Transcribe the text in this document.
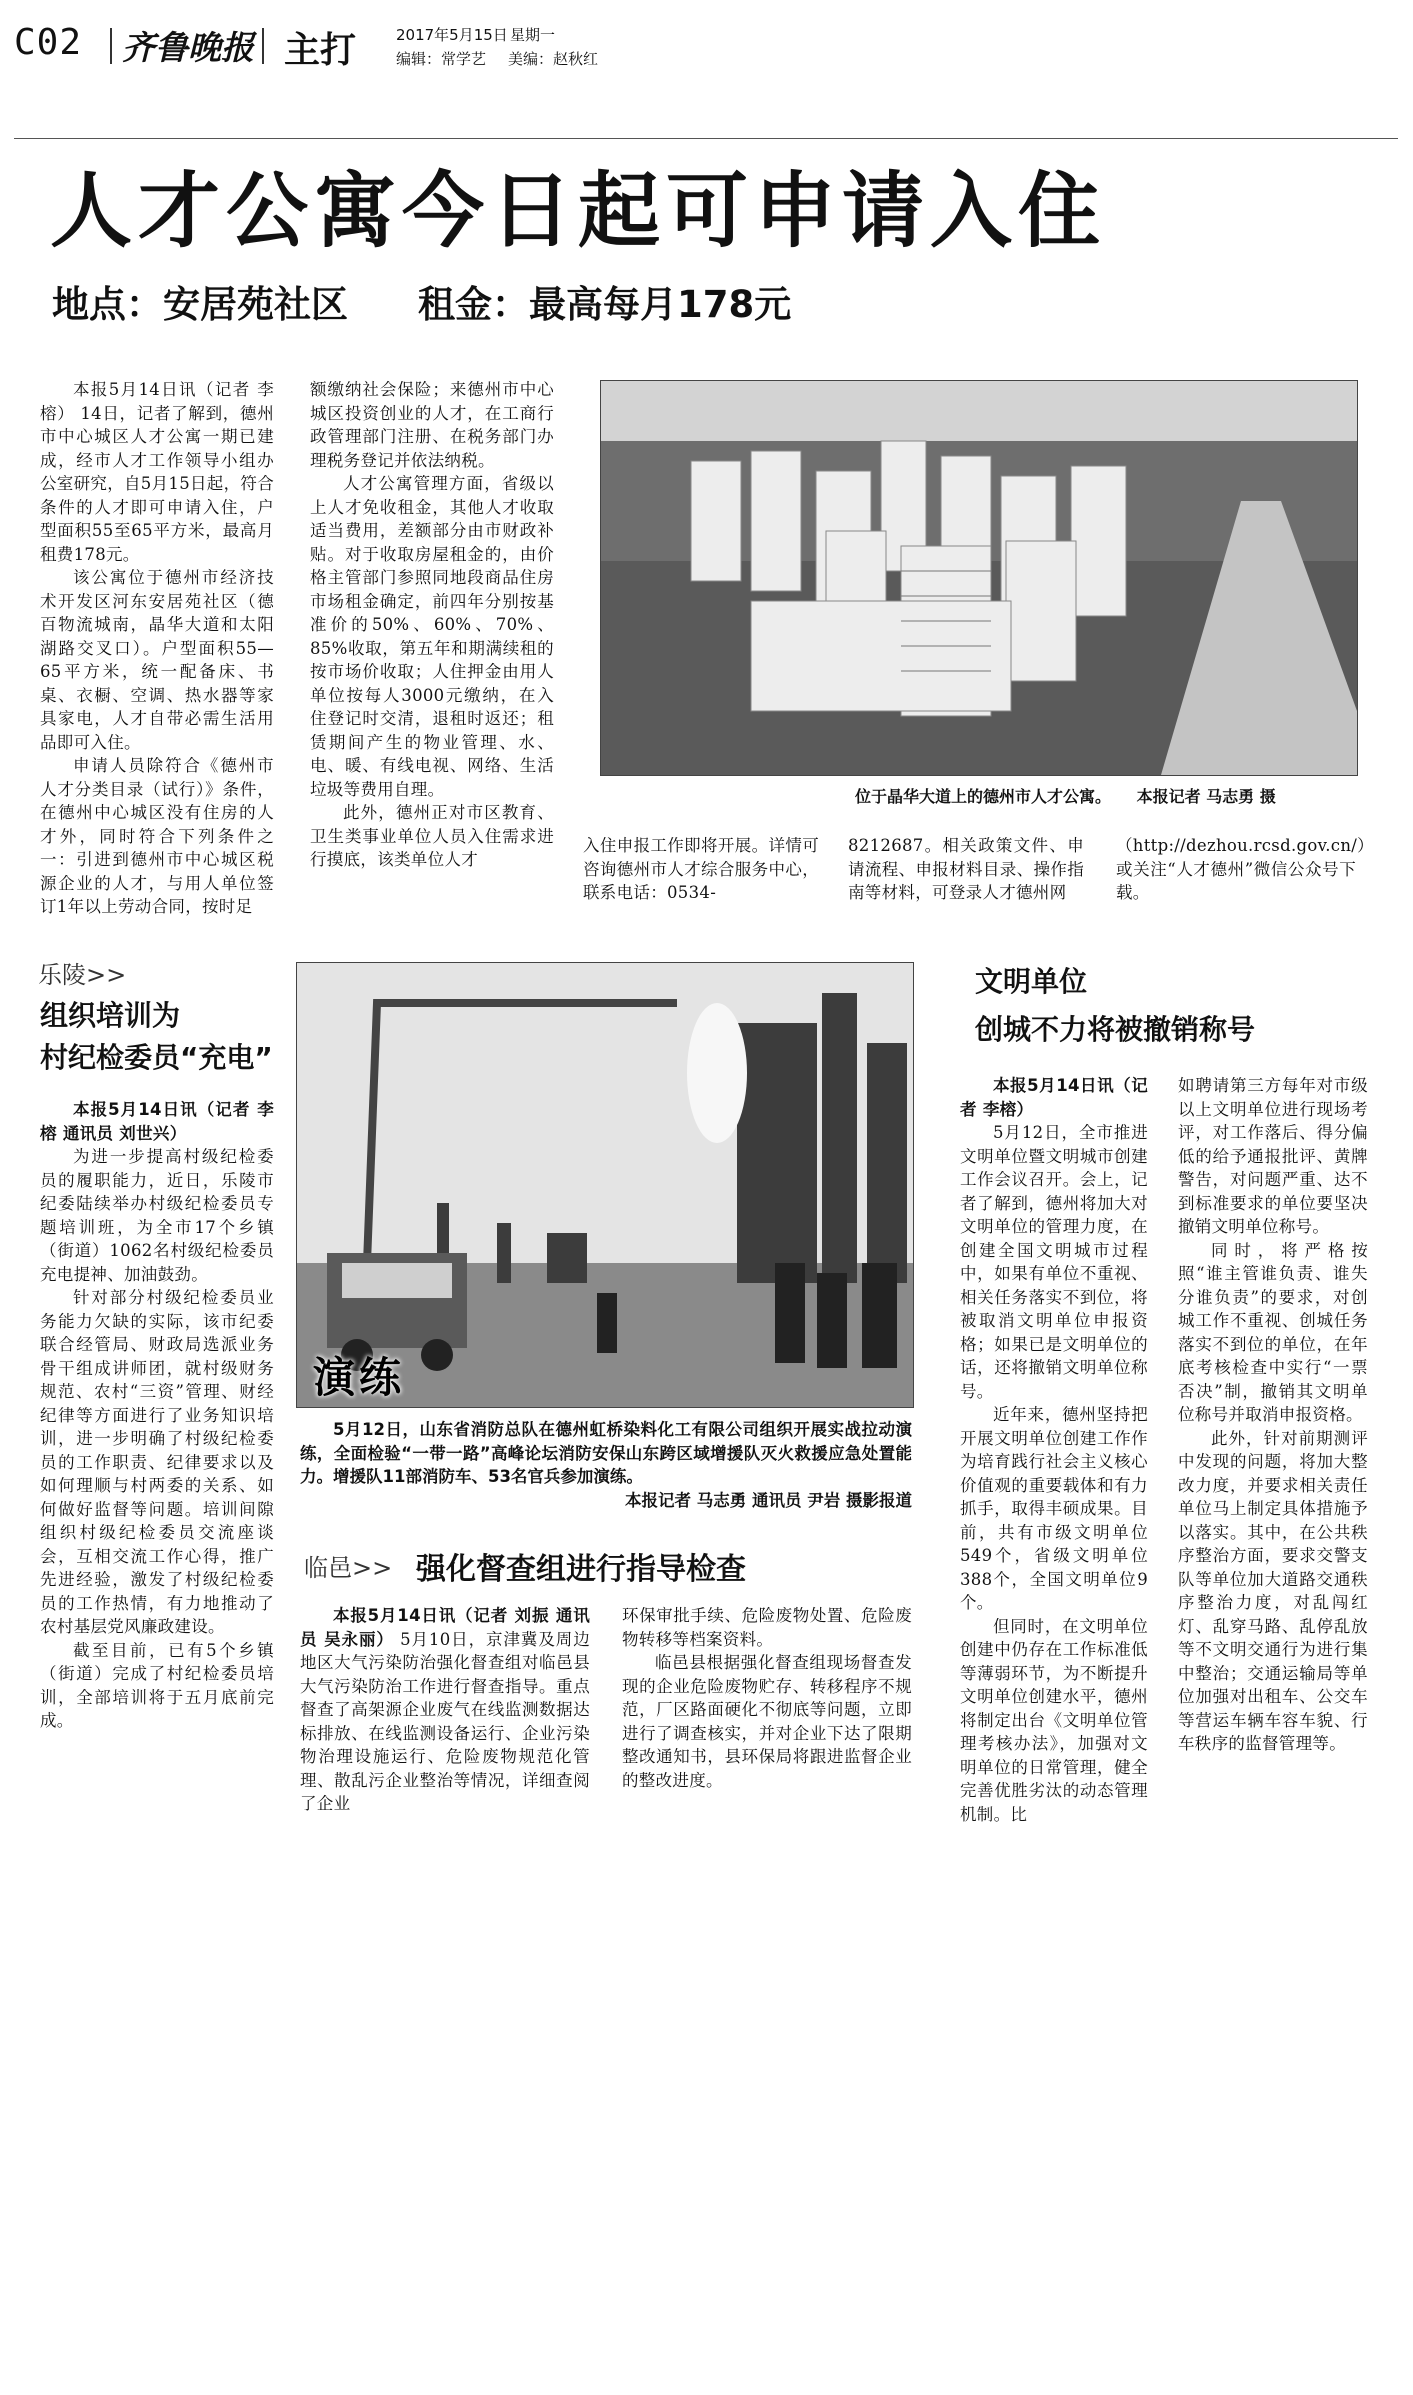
C02 齐鲁晚报 主打	2017年5月15日 星期一
编辑：常学艺 美编：赵秋红
人才公寓今日起可申请入住
地点：安居苑社区 租金：最高每月178元

本报5月14日讯（记者 李榕） 14日，记者了解到，德州市中心城区人才公寓一期已建成，经市人才工作领导小组办公室研究，自5月15日起，符合条件的人才即可申请入住，户型面积55至65平方米，最高月租费178元。

该公寓位于德州市经济技术开发区河东安居苑社区（德百物流城南，晶华大道和太阳湖路交叉口）。户型面积55—65平方米，统一配备床、书桌、衣橱、空调、热水器等家具家电，人才自带必需生活用品即可入住。

申请人员除符合《德州市人才分类目录（试行）》条件，在德州中心城区没有住房的人才外，同时符合下列条件之一：引进到德州市中心城区税源企业的人才，与用人单位签订1年以上劳动合同，按时足

额缴纳社会保险；来德州市中心城区投资创业的人才，在工商行政管理部门注册、在税务部门办理税务登记并依法纳税。

人才公寓管理方面，省级以上人才免收租金，其他人才收取适当费用，差额部分由市财政补贴。对于收取房屋租金的，由价格主管部门参照同地段商品住房市场租金确定，前四年分别按基准价的50%、60%、70%、85%收取，第五年和期满续租的按市场价收取；人住押金由用人单位按每人3000元缴纳，在入住登记时交清，退租时返还；租赁期间产生的物业管理、水、电、暖、有线电视、网络、生活垃圾等费用自理。

此外，德州正对市区教育、卫生类事业单位人员入住需求进行摸底，该类单位人才

位于晶华大道上的德州市人才公寓。 本报记者 马志勇 摄

入住申报工作即将开展。详情可咨询德州市人才综合服务中心，联系电话：0534-

8212687。相关政策文件、申请流程、申报材料目录、操作指南等材料，可登录人才德州网

（http://dezhou.rcsd.gov.cn/）或关注“人才德州”微信公众号下载。

乐陵>>
组织培训为
村纪检委员“充电”

本报5月14日讯（记者 李榕 通讯员 刘世兴）

为进一步提高村级纪检委员的履职能力，近日，乐陵市纪委陆续举办村级纪检委员专题培训班，为全市17个乡镇（街道）1062名村级纪检委员充电提神、加油鼓劲。

针对部分村级纪检委员业务能力欠缺的实际，该市纪委联合经管局、财政局选派业务骨干组成讲师团，就村级财务规范、农村“三资”管理、财经纪律等方面进行了业务知识培训，进一步明确了村级纪检委员的工作职责、纪律要求以及如何理顺与村两委的关系、如何做好监督等问题。培训间隙组织村级纪检委员交流座谈会，互相交流工作心得，推广先进经验，激发了村级纪检委员的工作热情，有力地推动了农村基层党风廉政建设。

截至目前，已有5个乡镇（街道）完成了村纪检委员培训，全部培训将于五月底前完成。

演练
5月12日，山东省消防总队在德州虹桥染料化工有限公司组织开展实战拉动演练，全面检验“一带一路”高峰论坛消防安保山东跨区域增援队灭火救援应急处置能力。增援队11部消防车、53名官兵参加演练。
本报记者 马志勇 通讯员 尹岩 摄影报道
临邑>> 强化督查组进行指导检查

本报5月14日讯（记者 刘振 通讯员 吴永丽） 5月10日，京津冀及周边地区大气污染防治强化督查组对临邑县大气污染防治工作进行督查指导。重点督查了高架源企业废气在线监测数据达标排放、在线监测设备运行、企业污染物治理设施运行、危险废物规范化管理、散乱污企业整治等情况，详细查阅了企业

环保审批手续、危险废物处置、危险废物转移等档案资料。

临邑县根据强化督查组现场督查发现的企业危险废物贮存、转移程序不规范，厂区路面硬化不彻底等问题，立即进行了调查核实，并对企业下达了限期整改通知书，县环保局将跟进监督企业的整改进度。

文明单位
创城不力将被撤销称号

本报5月14日讯（记者 李榕）

5月12日，全市推进文明单位暨文明城市创建工作会议召开。会上，记者了解到，德州将加大对文明单位的管理力度，在创建全国文明城市过程中，如果有单位不重视、相关任务落实不到位，将被取消文明单位申报资格；如果已是文明单位的话，还将撤销文明单位称号。

近年来，德州坚持把开展文明单位创建工作作为培育践行社会主义核心价值观的重要载体和有力抓手，取得丰硕成果。目前，共有市级文明单位549个，省级文明单位388个，全国文明单位9个。

但同时，在文明单位创建中仍存在工作标准低等薄弱环节，为不断提升文明单位创建水平，德州将制定出台《文明单位管理考核办法》，加强对文明单位的日常管理，健全完善优胜劣汰的动态管理机制。比

如聘请第三方每年对市级以上文明单位进行现场考评，对工作落后、得分偏低的给予通报批评、黄牌警告，对问题严重、达不到标准要求的单位要坚决撤销文明单位称号。

同时，将严格按照“谁主管谁负责、谁失分谁负责”的要求，对创城工作不重视、创城任务落实不到位的单位，在年底考核检查中实行“一票否决”制，撤销其文明单位称号并取消申报资格。

此外，针对前期测评中发现的问题，将加大整改力度，并要求相关责任单位马上制定具体措施予以落实。其中，在公共秩序整治方面，要求交警支队等单位加大道路交通秩序整治力度，对乱闯红灯、乱穿马路、乱停乱放等不文明交通行为进行集中整治；交通运输局等单位加强对出租车、公交车等营运车辆车容车貌、行车秩序的监督管理等。
